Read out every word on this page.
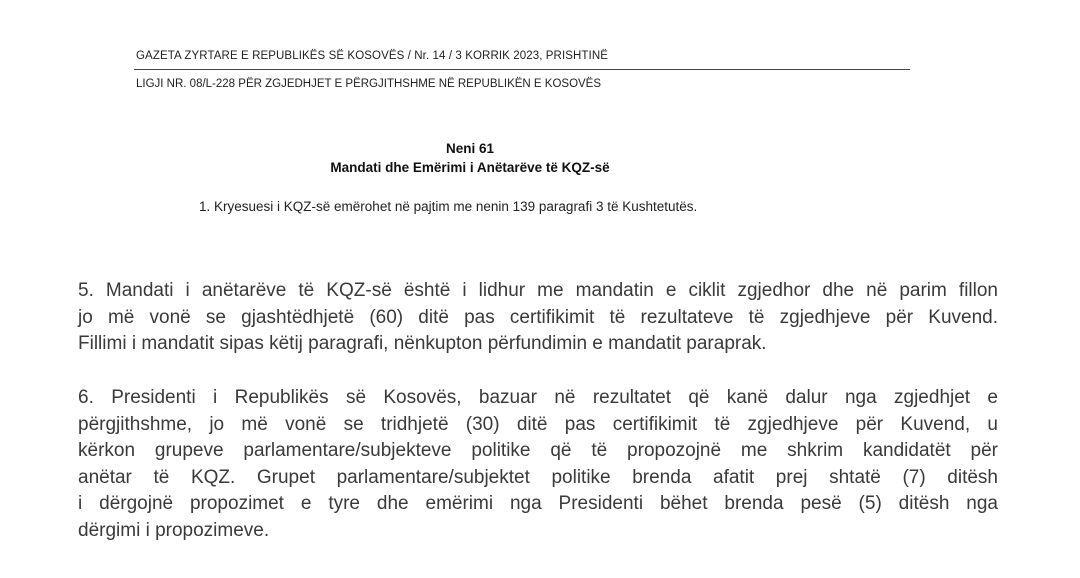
GAZETA ZYRTARE E REPUBLIKËS SË KOSOVËS / Nr. 14 / 3 KORRIK 2023, PRISHTINË
LIGJI NR. 08/L-228 PËR ZGJEDHJET E PËRGJITHSHME NË REPUBLIKËN E KOSOVËS
Neni 61
Mandati dhe Emërimi i Anëtarëve të KQZ-së
1. Kryesuesi i KQZ-së emërohet në pajtim me nenin 139 paragrafi 3 të Kushtetutës.
5. Mandati i anëtarëve të KQZ-së është i lidhur me mandatin e ciklit zgjedhor dhe në parim fillon
jo më vonë se gjashtëdhjetë (60) ditë pas certifikimit të rezultateve të zgjedhjeve për Kuvend.
Fillimi i mandatit sipas këtij paragrafi, nënkupton përfundimin e mandatit paraprak.
6. Presidenti i Republikës së Kosovës, bazuar në rezultatet që kanë dalur nga zgjedhjet e
përgjithshme, jo më vonë se tridhjetë (30) ditë pas certifikimit të zgjedhjeve për Kuvend, u
kërkon grupeve parlamentare/subjekteve politike që të propozojnë me shkrim kandidatët për
anëtar të KQZ. Grupet parlamentare/subjektet politike brenda afatit prej shtatë (7) ditësh
i dërgojnë propozimet e tyre dhe emërimi nga Presidenti bëhet brenda pesë (5) ditësh nga
dërgimi i propozimeve.
